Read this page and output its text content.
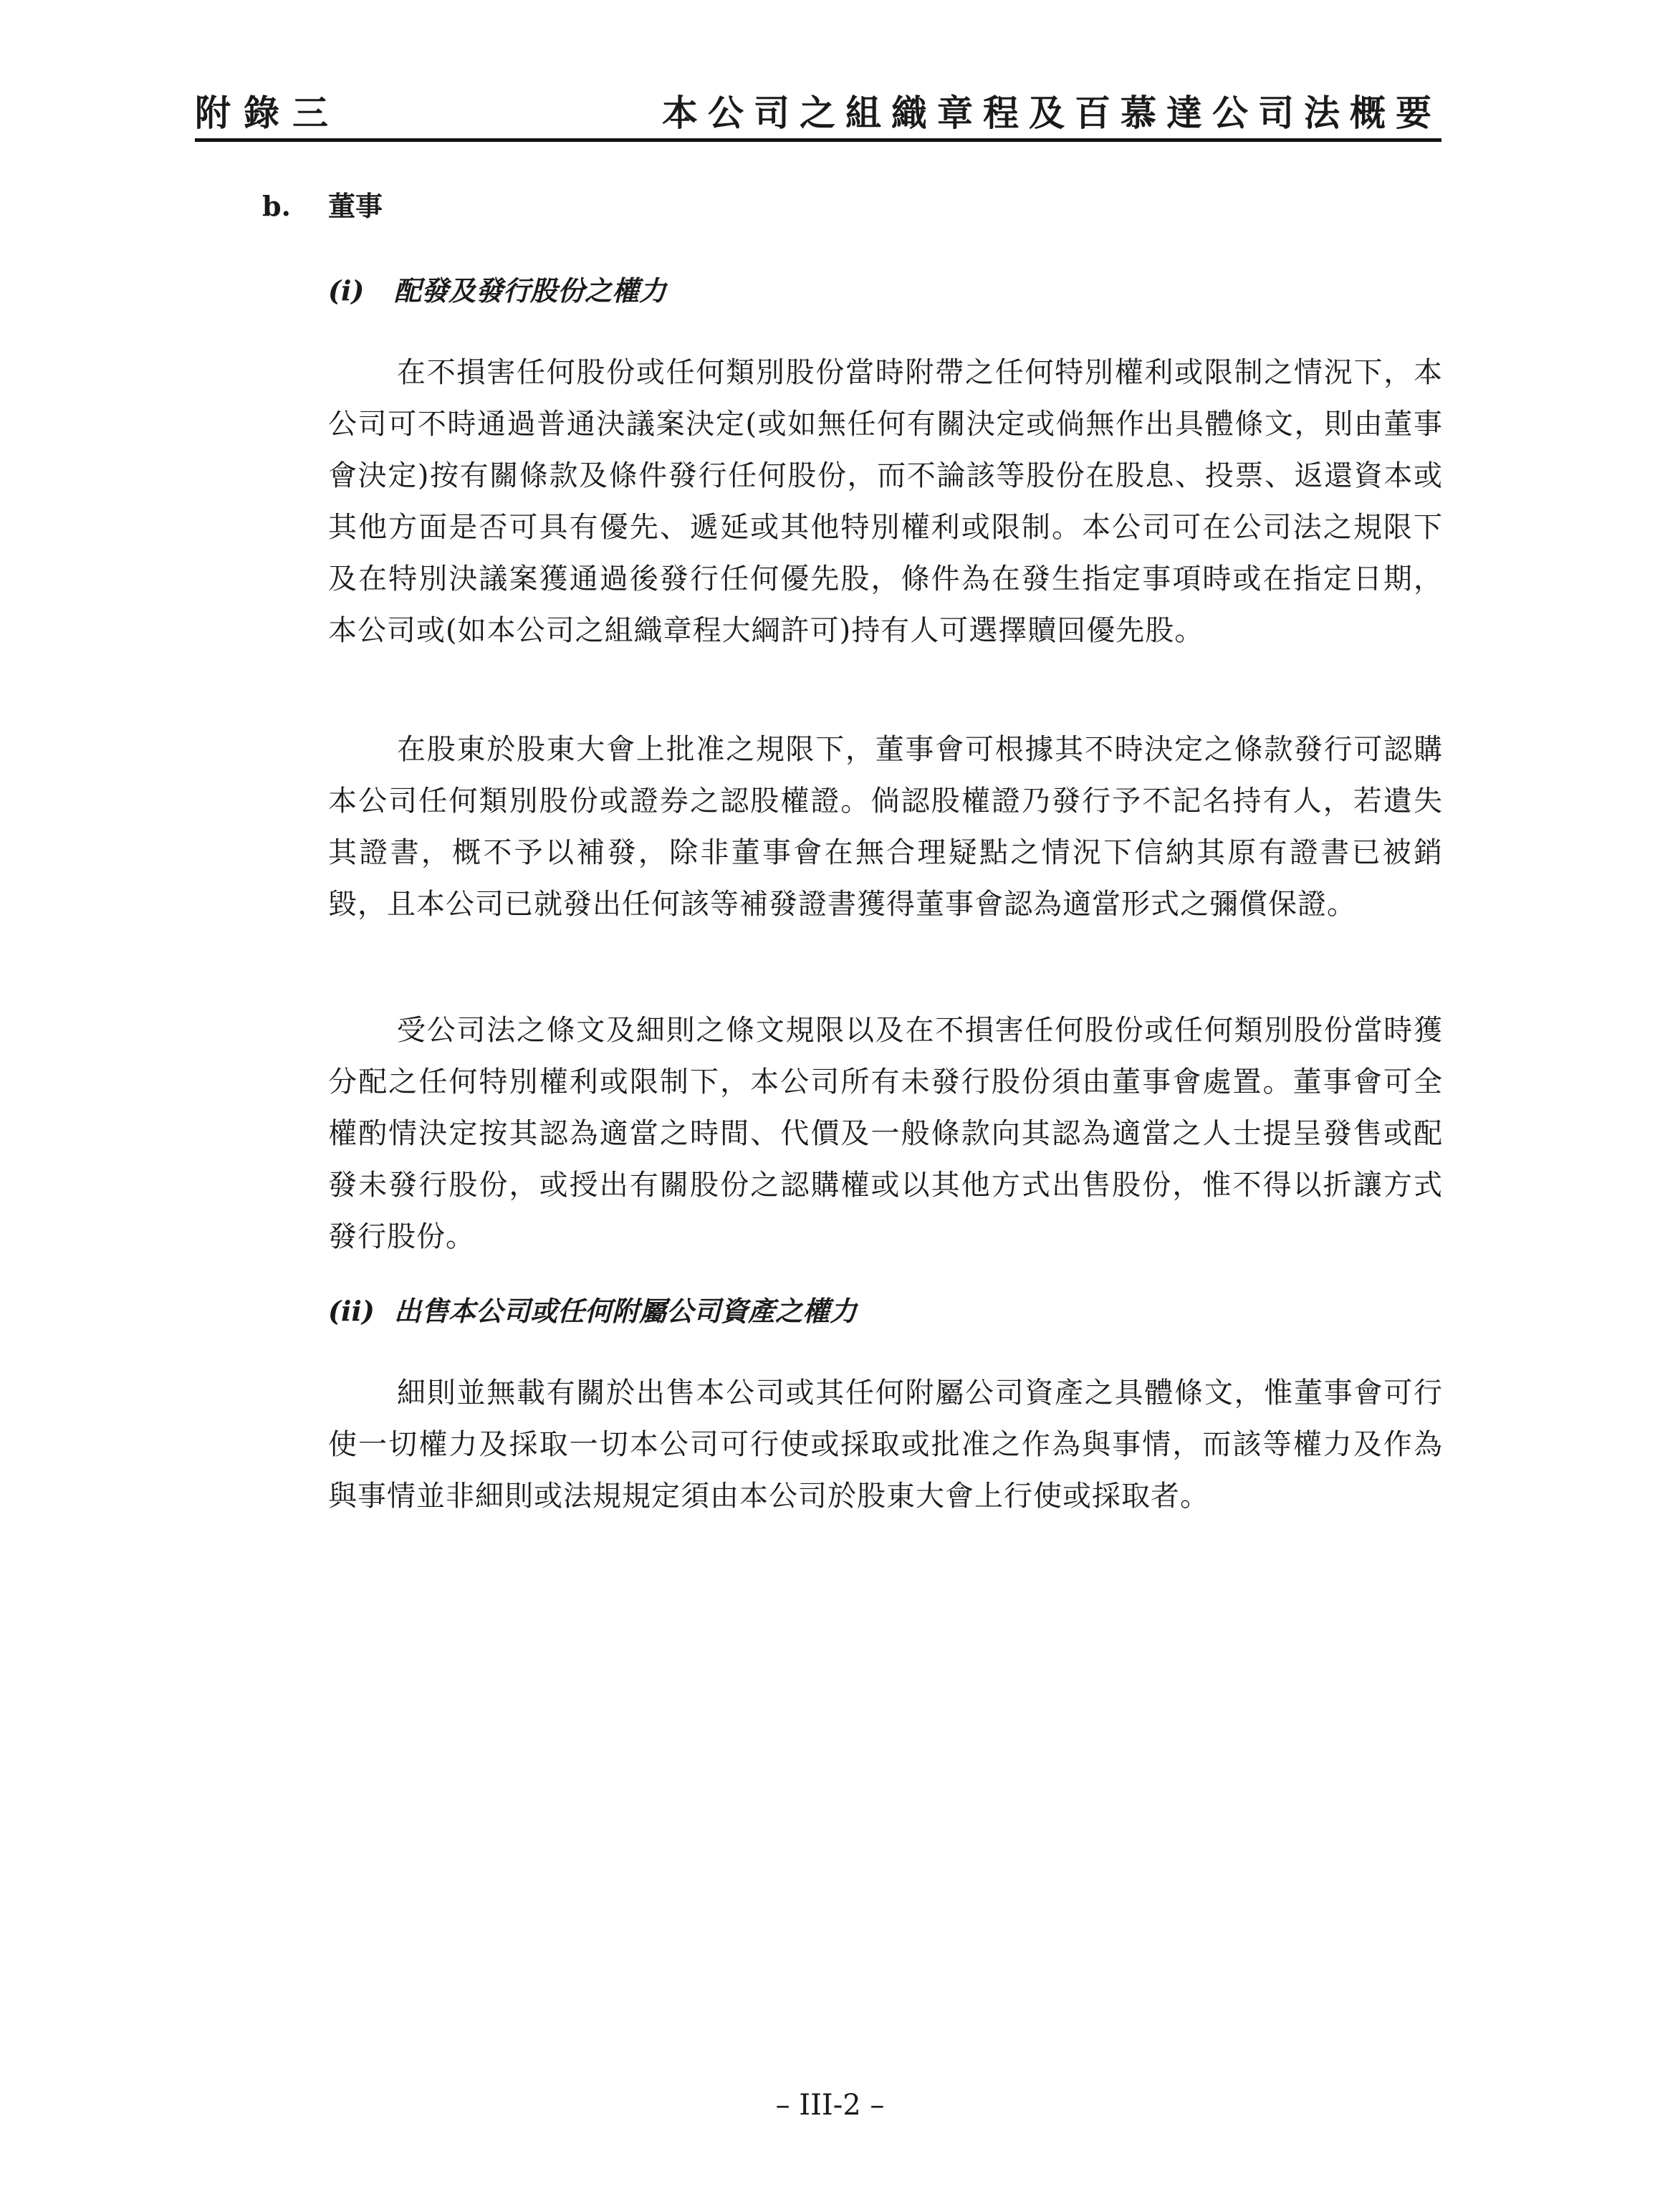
附錄三	本公司之組織章程及百慕達公司法概要
b. 董事
(i) 配發及發行股份之權力

在不損害任何股份或任何類別股份當時附帶之任何特別權利或限制之情況下，本公司可不時通過普通決議案決定(或如無任何有關決定或倘無作出具體條文，則由董事會決定)按有關條款及條件發行任何股份，而不論該等股份在股息、投票、返還資本或其他方面是否可具有優先、遞延或其他特別權利或限制。本公司可在公司法之規限下及在特別決議案獲通過後發行任何優先股，條件為在發生指定事項時或在指定日期，本公司或(如本公司之組織章程大綱許可)持有人可選擇贖回優先股。

在股東於股東大會上批准之規限下，董事會可根據其不時決定之條款發行可認購本公司任何類別股份或證券之認股權證。倘認股權證乃發行予不記名持有人，若遺失其證書，概不予以補發，除非董事會在無合理疑點之情況下信納其原有證書已被銷毀，且本公司已就發出任何該等補發證書獲得董事會認為適當形式之彌償保證。

受公司法之條文及細則之條文規限以及在不損害任何股份或任何類別股份當時獲分配之任何特別權利或限制下，本公司所有未發行股份須由董事會處置。董事會可全權酌情決定按其認為適當之時間、代價及一般條款向其認為適當之人士提呈發售或配發未發行股份，或授出有關股份之認購權或以其他方式出售股份，惟不得以折讓方式發行股份。

(ii) 出售本公司或任何附屬公司資產之權力

細則並無載有關於出售本公司或其任何附屬公司資產之具體條文，惟董事會可行使一切權力及採取一切本公司可行使或採取或批准之作為與事情，而該等權力及作為與事情並非細則或法規規定須由本公司於股東大會上行使或採取者。

– III-2 –
